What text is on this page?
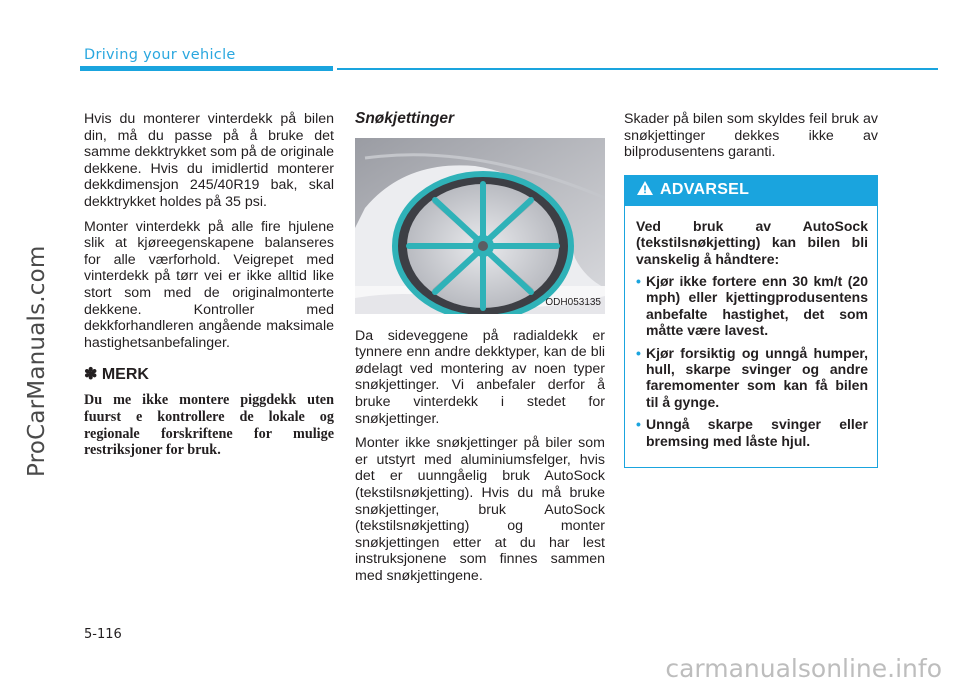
Driving your vehicle
ProCarManuals.com

Hvis du monterer vinterdekk på bilen din, må du passe på å bruke det samme dekktrykket som på de originale dekkene. Hvis du imidlertid monterer dekkdimensjon 245/40R19 bak, skal dekktrykket holdes på 35 psi.

Monter vinterdekk på alle fire hjulene slik at kjøreegenskapene balanseres for alle værforhold. Veigrepet med vinterdekk på tørr vei er ikke alltid like stort som med de originalmonterte dekkene. Kontroller med dekkforhandleren angående maksimale hastighetsanbefalinger.

✽ MERK
Du me ikke montere piggdekk uten fuurst e kontrollere de lokale og regionale forskriftene for mulige restriksjoner for bruk.
Snøkjettinger
ODH053135

Da sideveggene på radialdekk er tynnere enn andre dekktyper, kan de bli ødelagt ved montering av noen typer snøkjettinger. Vi anbefaler derfor å bruke vinterdekk i stedet for snøkjettinger.

Monter ikke snøkjettinger på biler som er utstyrt med aluminiumsfelger, hvis det er uunngåelig bruk AutoSock (tekstilsnøkjetting). Hvis du må bruke snøkjettinger, bruk AutoSock (tekstilsnøkjetting) og monter snøkjettingen etter at du har lest instruksjonene som finnes sammen med snøkjettingene.

Skader på bilen som skyldes feil bruk av snøkjettinger dekkes ikke av bilprodusentens garanti.

ADVARSEL
Ved bruk av AutoSock (tekstilsnøkjetting) kan bilen bli vanskelig å håndtere:
• Kjør ikke fortere enn 30 km/t (20 mph) eller kjettingprodusentens anbefalte hastighet, det som måtte være lavest.
• Kjør forsiktig og unngå humper, hull, skarpe svinger og andre faremomenter som kan få bilen til å gynge.
• Unngå skarpe svinger eller bremsing med låste hjul.
5-116
carmanualsonline.info
